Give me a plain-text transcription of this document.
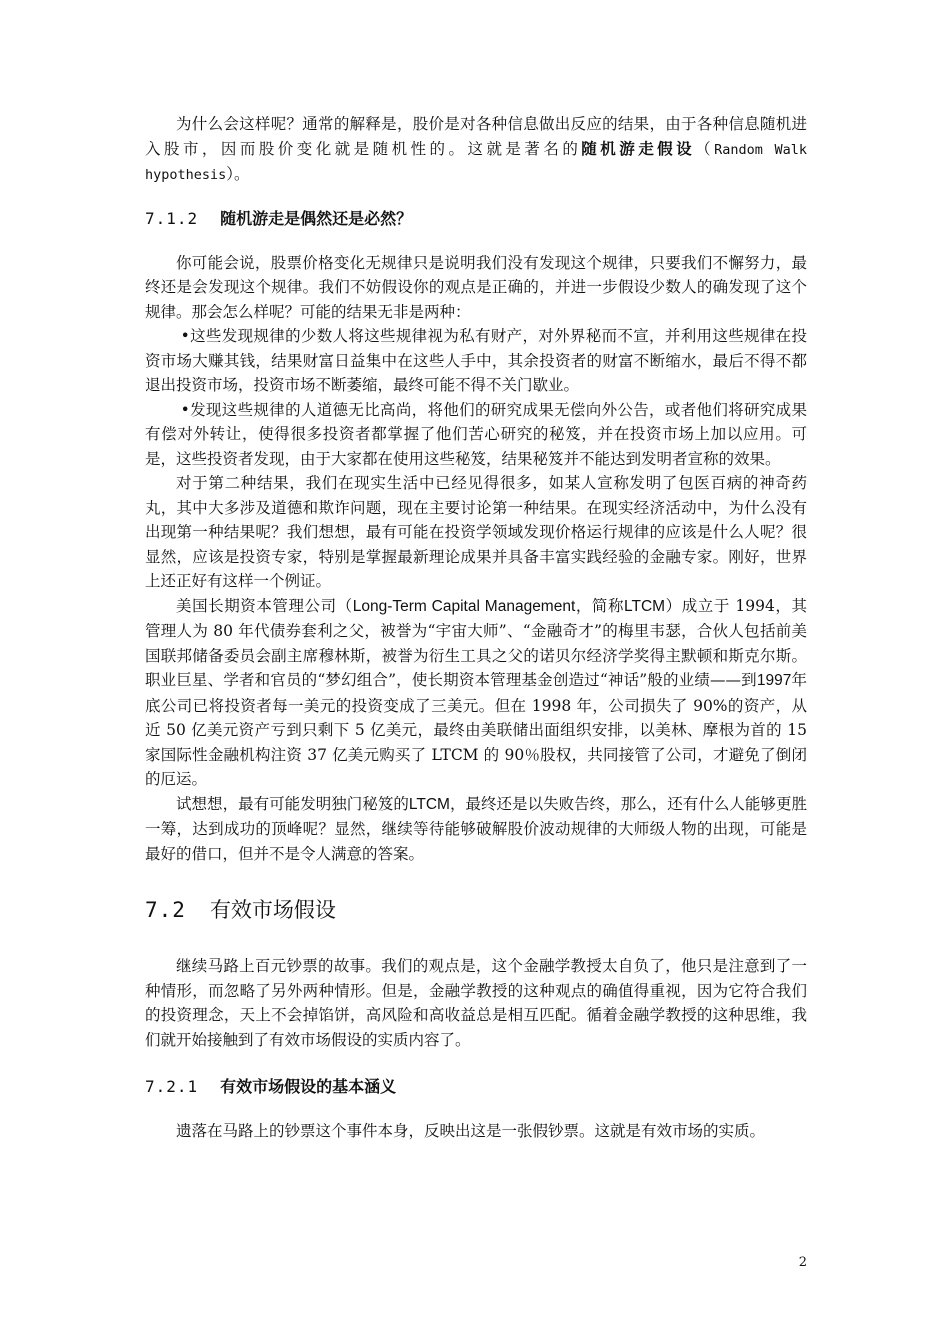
为什么会这样呢？通常的解释是，股价是对各种信息做出反应的结果，由于各种信息随机进入股市，因而股价变化就是随机性的。这就是著名的随机游走假设（Random Walk hypothesis）。

7.1.2 随机游走是偶然还是必然？

你可能会说，股票价格变化无规律只是说明我们没有发现这个规律，只要我们不懈努力，最终还是会发现这个规律。我们不妨假设你的观点是正确的，并进一步假设少数人的确发现了这个规律。那会怎么样呢？可能的结果无非是两种：

•这些发现规律的少数人将这些规律视为私有财产，对外界秘而不宣，并利用这些规律在投资市场大赚其钱，结果财富日益集中在这些人手中，其余投资者的财富不断缩水，最后不得不都退出投资市场，投资市场不断萎缩，最终可能不得不关门歇业。

•发现这些规律的人道德无比高尚，将他们的研究成果无偿向外公告，或者他们将研究成果有偿对外转让，使得很多投资者都掌握了他们苦心研究的秘笈，并在投资市场上加以应用。可是，这些投资者发现，由于大家都在使用这些秘笈，结果秘笈并不能达到发明者宣称的效果。

对于第二种结果，我们在现实生活中已经见得很多，如某人宣称发明了包医百病的神奇药丸，其中大多涉及道德和欺诈问题，现在主要讨论第一种结果。在现实经济活动中，为什么没有出现第一种结果呢？我们想想，最有可能在投资学领域发现价格运行规律的应该是什么人呢？很显然，应该是投资专家，特别是掌握最新理论成果并具备丰富实践经验的金融专家。刚好，世界上还正好有这样一个例证。

美国长期资本管理公司（Long-Term Capital Management，简称LTCM）成立于 1994，其管理人为 80 年代债券套利之父，被誉为“宇宙大师”、“金融奇才”的梅里韦瑟，合伙人包括前美国联邦储备委员会副主席穆林斯，被誉为衍生工具之父的诺贝尔经济学奖得主默顿和斯克尔斯。职业巨星、学者和官员的“梦幻组合”，使长期资本管理基金创造过“神话”般的业绩——到1997年底公司已将投资者每一美元的投资变成了三美元。但在 1998 年，公司损失了 90%的资产，从近 50 亿美元资产亏到只剩下 5 亿美元，最终由美联储出面组织安排，以美林、摩根为首的 15 家国际性金融机构注资 37 亿美元购买了 LTCM 的 90％股权，共同接管了公司，才避免了倒闭的厄运。

试想想，最有可能发明独门秘笈的LTCM，最终还是以失败告终，那么，还有什么人能够更胜一筹，达到成功的顶峰呢？显然，继续等待能够破解股价波动规律的大师级人物的出现，可能是最好的借口，但并不是令人满意的答案。

7.2 有效市场假设

继续马路上百元钞票的故事。我们的观点是，这个金融学教授太自负了，他只是注意到了一种情形，而忽略了另外两种情形。但是，金融学教授的这种观点的确值得重视，因为它符合我们的投资理念，天上不会掉馅饼，高风险和高收益总是相互匹配。循着金融学教授的这种思维，我们就开始接触到了有效市场假设的实质内容了。

7.2.1 有效市场假设的基本涵义

遗落在马路上的钞票这个事件本身，反映出这是一张假钞票。这就是有效市场的实质。

2
